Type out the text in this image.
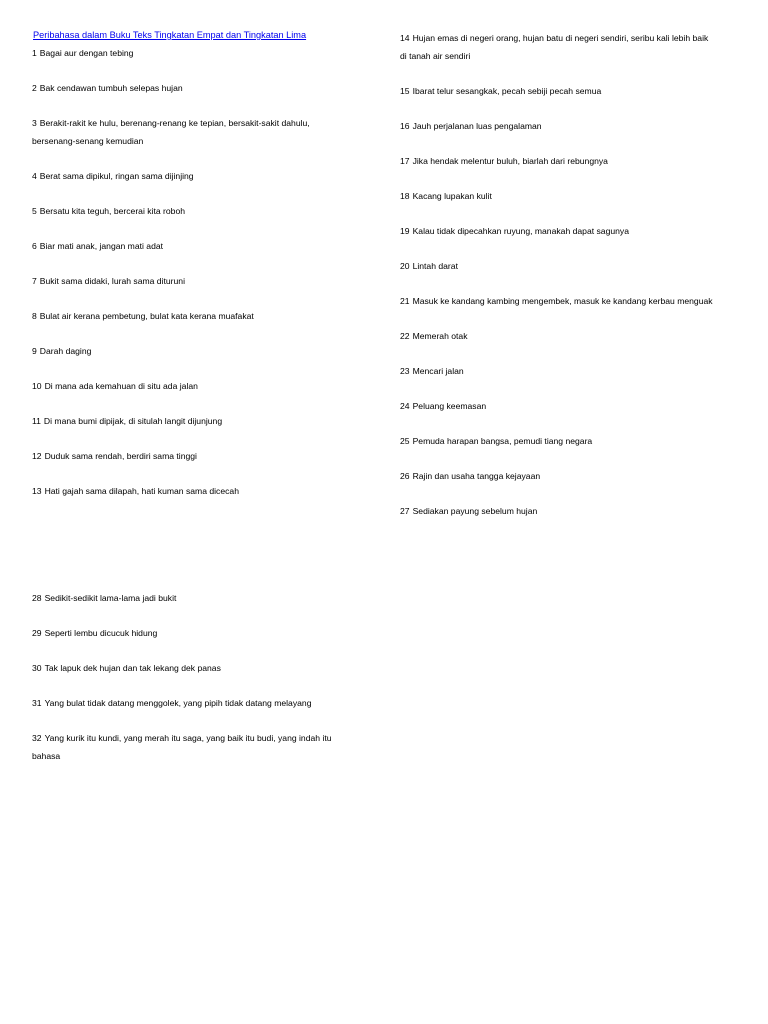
Peribahasa dalam Buku Teks Tingkatan Empat dan Tingkatan Lima
1 Bagai aur dengan tebing
2 Bak cendawan tumbuh selepas hujan
3 Berakit-rakit ke hulu, berenang-renang ke tepian, bersakit-sakit dahulu,
bersenang-senang kemudian
4 Berat sama dipikul, ringan sama dijinjing
5 Bersatu kita teguh, bercerai kita roboh
6 Biar mati anak, jangan mati adat
7 Bukit sama didaki, lurah sama dituruni
8 Bulat air kerana pembetung, bulat kata kerana muafakat
9 Darah daging
10 Di mana ada kemahuan di situ ada jalan
11 Di mana bumi dipijak, di situlah langit dijunjung
12 Duduk sama rendah, berdiri sama tinggi
13 Hati gajah sama dilapah, hati kuman sama dicecah
14 Hujan emas di negeri orang, hujan batu di negeri sendiri, seribu kali lebih baik
di tanah air sendiri
15 Ibarat telur sesangkak, pecah sebiji pecah semua
16 Jauh perjalanan luas pengalaman
17 Jika hendak melentur buluh, biarlah dari rebungnya
18 Kacang lupakan kulit
19 Kalau tidak dipecahkan ruyung, manakah dapat sagunya
20 Lintah darat
21 Masuk ke kandang kambing mengembek, masuk ke kandang kerbau menguak
22 Memerah otak
23 Mencari jalan
24 Peluang keemasan
25 Pemuda harapan bangsa, pemudi tiang negara
26 Rajin dan usaha tangga kejayaan
27 Sediakan payung sebelum hujan
28 Sedikit-sedikit lama-lama jadi bukit
29 Seperti lembu dicucuk hidung
30 Tak lapuk dek hujan dan tak lekang dek panas
31 Yang bulat tidak datang menggolek, yang pipih tidak datang melayang
32 Yang kurik itu kundi, yang merah itu saga, yang baik itu budi, yang indah itu
bahasa
